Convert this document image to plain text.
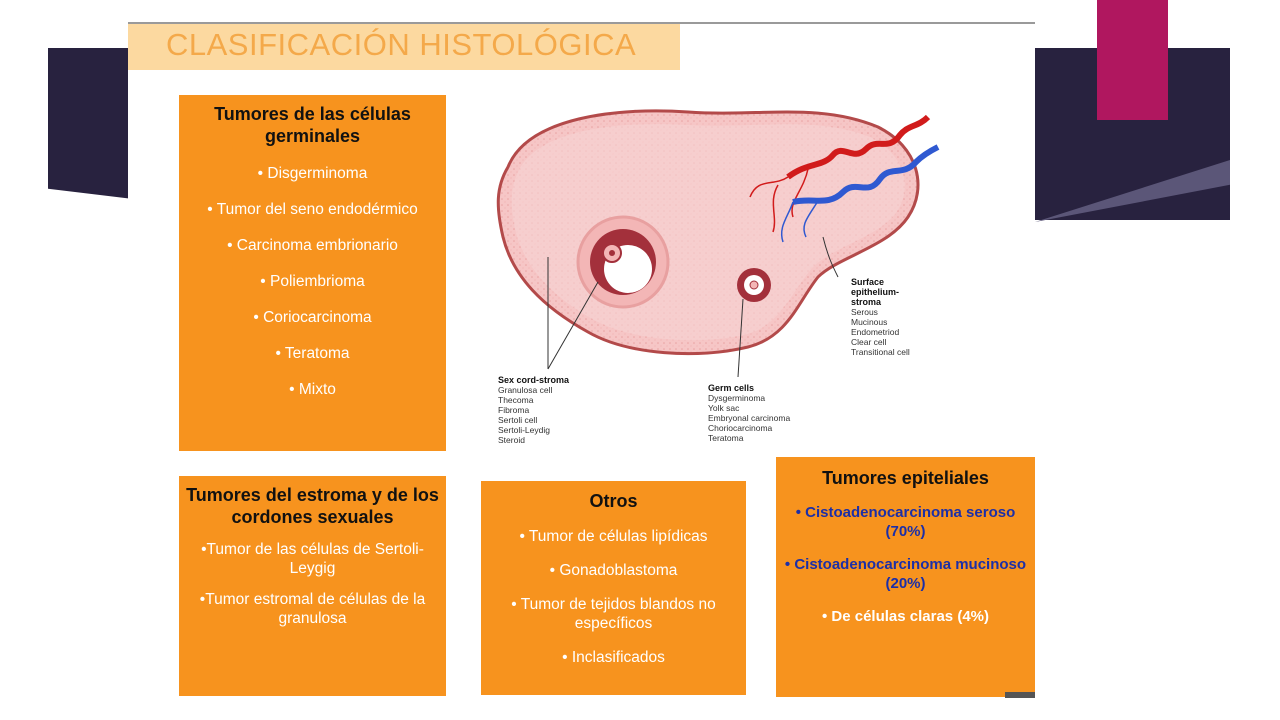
CLASIFICACIÓN HISTOLÓGICA
Tumores de las células germinales
• Disgerminoma
• Tumor del seno endodérmico
• Carcinoma embrionario
• Poliembrioma
• Coriocarcinoma
• Teratoma
• Mixto
Sex cord-stroma
Granulosa cell
Thecoma
Fibroma
Sertoli cell
Sertoli-Leydig
Steroid
Germ cells
Dysgerminoma
Yolk sac
Embryonal carcinoma
Choriocarcinoma
Teratoma
Surface
epithelium-
stroma
Serous
Mucinous
Endometriod
Clear cell
Transitional cell
Tumores del estroma y de los cordones sexuales
•Tumor de las células de Sertoli-Leygig
•Tumor estromal de células de la granulosa
Otros
• Tumor de células lipídicas
• Gonadoblastoma
• Tumor de tejidos blandos no específicos
• Inclasificados
Tumores epiteliales
• Cistoadenocarcinoma seroso (70%)
• Cistoadenocarcinoma mucinoso (20%)
• De células claras (4%)
